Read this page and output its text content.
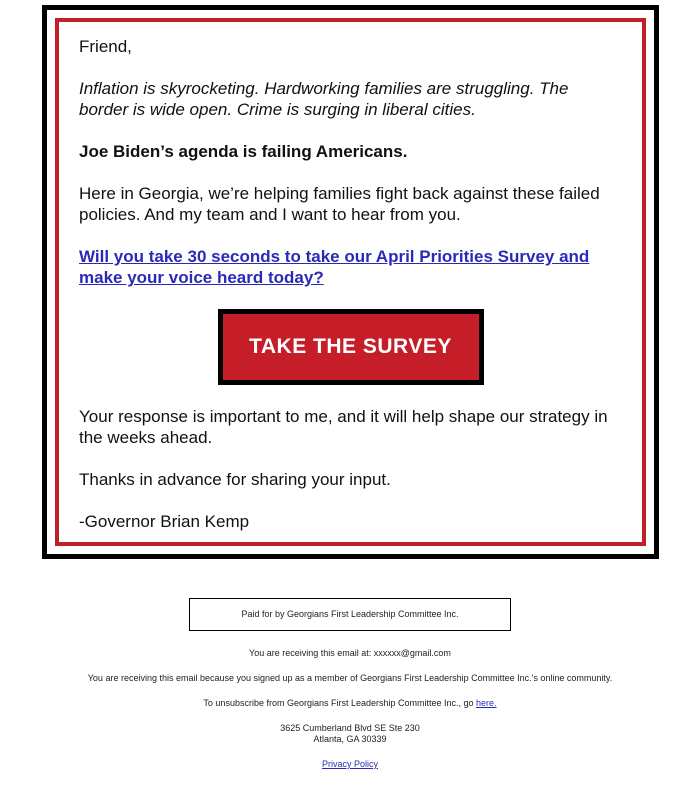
Friend,

Inflation is skyrocketing. Hardworking families are struggling. The border is wide open. Crime is surging in liberal cities.

Joe Biden’s agenda is failing Americans.

Here in Georgia, we’re helping families fight back against these failed policies. And my team and I want to hear from you.

Will you take 30 seconds to take our April Priorities Survey and make your voice heard today?

TAKE THE SURVEY

Your response is important to me, and it will help shape our strategy in the weeks ahead.

Thanks in advance for sharing your input.

-Governor Brian Kemp

Paid for by Georgians First Leadership Committee Inc.

You are receiving this email at: xxxxxx@gmail.com

You are receiving this email because you signed up as a member of Georgians First Leadership Committee Inc.'s online community.

To unsubscribe from Georgians First Leadership Committee Inc., go here.

3625 Cumberland Blvd SE Ste 230
Atlanta, GA 30339

Privacy Policy
